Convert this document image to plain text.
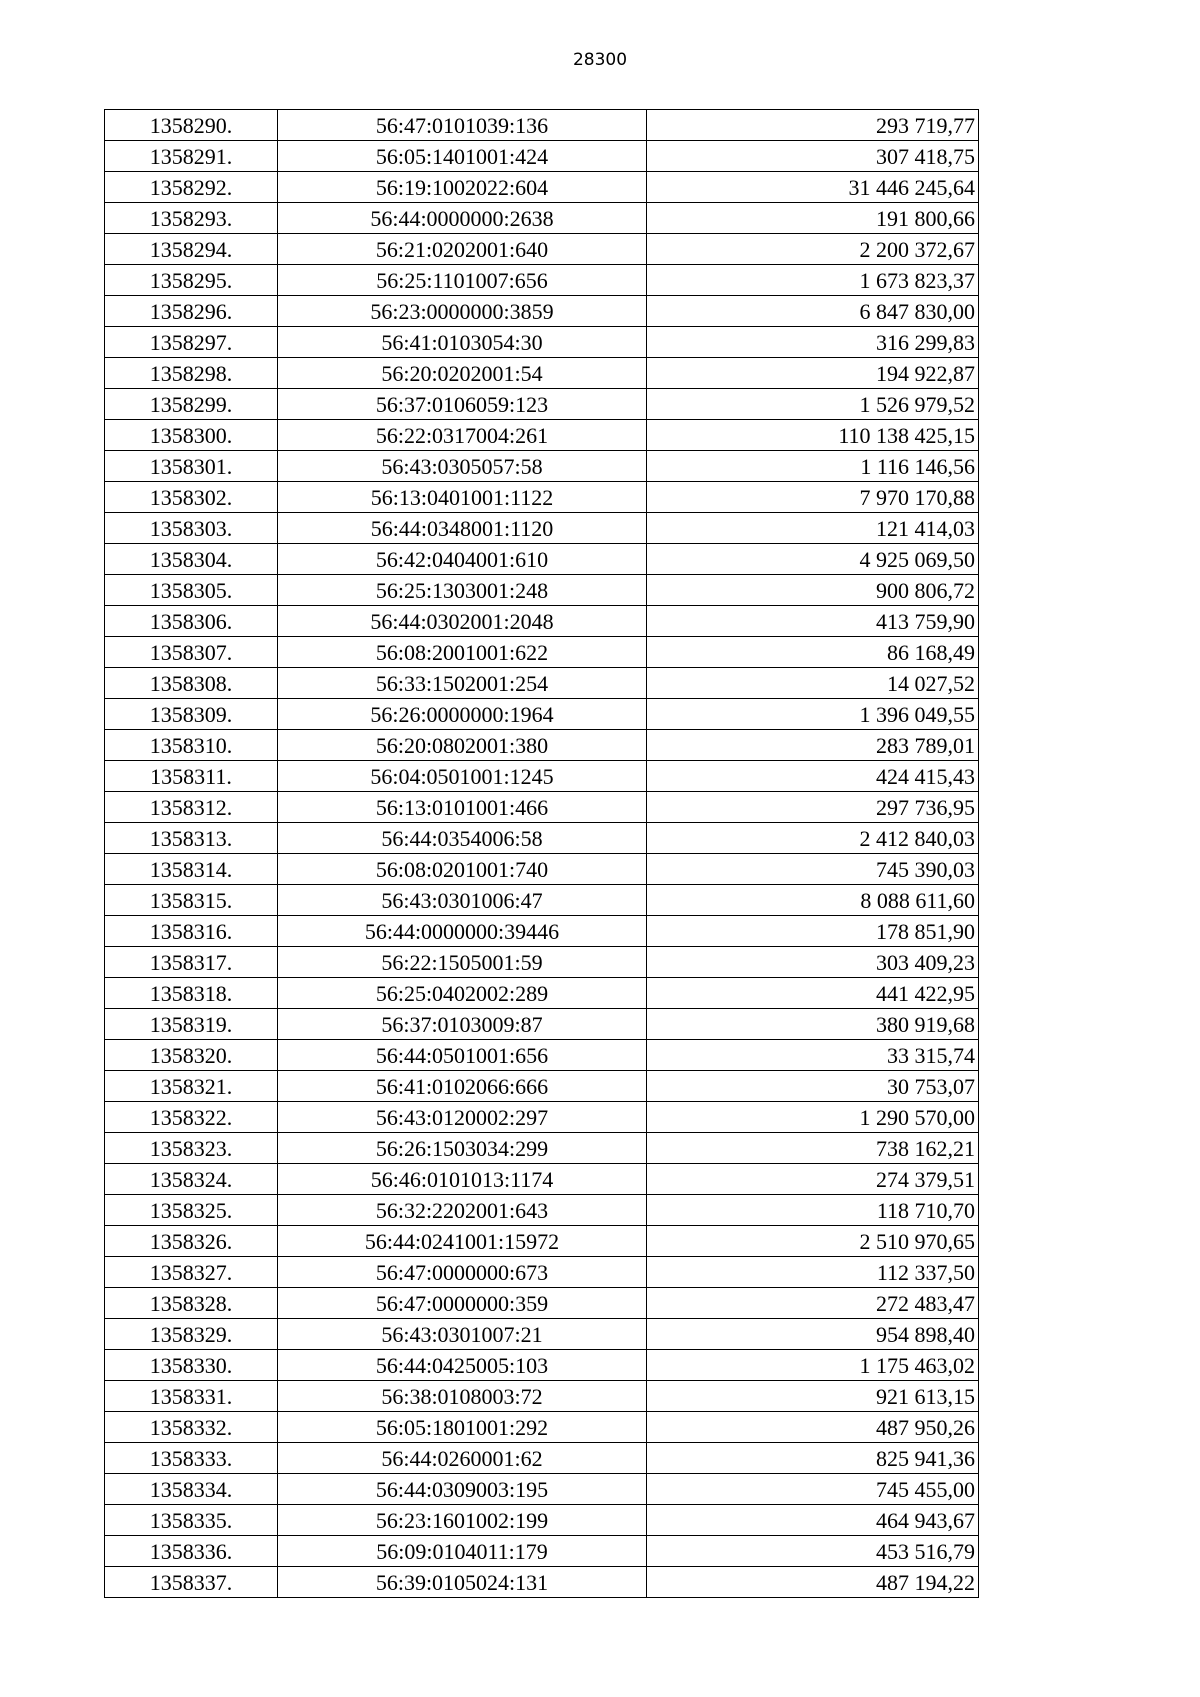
28300
1358290.	56:47:0101039:136	293 719,77
1358291.	56:05:1401001:424	307 418,75
1358292.	56:19:1002022:604	31 446 245,64
1358293.	56:44:0000000:2638	191 800,66
1358294.	56:21:0202001:640	2 200 372,67
1358295.	56:25:1101007:656	1 673 823,37
1358296.	56:23:0000000:3859	6 847 830,00
1358297.	56:41:0103054:30	316 299,83
1358298.	56:20:0202001:54	194 922,87
1358299.	56:37:0106059:123	1 526 979,52
1358300.	56:22:0317004:261	110 138 425,15
1358301.	56:43:0305057:58	1 116 146,56
1358302.	56:13:0401001:1122	7 970 170,88
1358303.	56:44:0348001:1120	121 414,03
1358304.	56:42:0404001:610	4 925 069,50
1358305.	56:25:1303001:248	900 806,72
1358306.	56:44:0302001:2048	413 759,90
1358307.	56:08:2001001:622	86 168,49
1358308.	56:33:1502001:254	14 027,52
1358309.	56:26:0000000:1964	1 396 049,55
1358310.	56:20:0802001:380	283 789,01
1358311.	56:04:0501001:1245	424 415,43
1358312.	56:13:0101001:466	297 736,95
1358313.	56:44:0354006:58	2 412 840,03
1358314.	56:08:0201001:740	745 390,03
1358315.	56:43:0301006:47	8 088 611,60
1358316.	56:44:0000000:39446	178 851,90
1358317.	56:22:1505001:59	303 409,23
1358318.	56:25:0402002:289	441 422,95
1358319.	56:37:0103009:87	380 919,68
1358320.	56:44:0501001:656	33 315,74
1358321.	56:41:0102066:666	30 753,07
1358322.	56:43:0120002:297	1 290 570,00
1358323.	56:26:1503034:299	738 162,21
1358324.	56:46:0101013:1174	274 379,51
1358325.	56:32:2202001:643	118 710,70
1358326.	56:44:0241001:15972	2 510 970,65
1358327.	56:47:0000000:673	112 337,50
1358328.	56:47:0000000:359	272 483,47
1358329.	56:43:0301007:21	954 898,40
1358330.	56:44:0425005:103	1 175 463,02
1358331.	56:38:0108003:72	921 613,15
1358332.	56:05:1801001:292	487 950,26
1358333.	56:44:0260001:62	825 941,36
1358334.	56:44:0309003:195	745 455,00
1358335.	56:23:1601002:199	464 943,67
1358336.	56:09:0104011:179	453 516,79
1358337.	56:39:0105024:131	487 194,22
